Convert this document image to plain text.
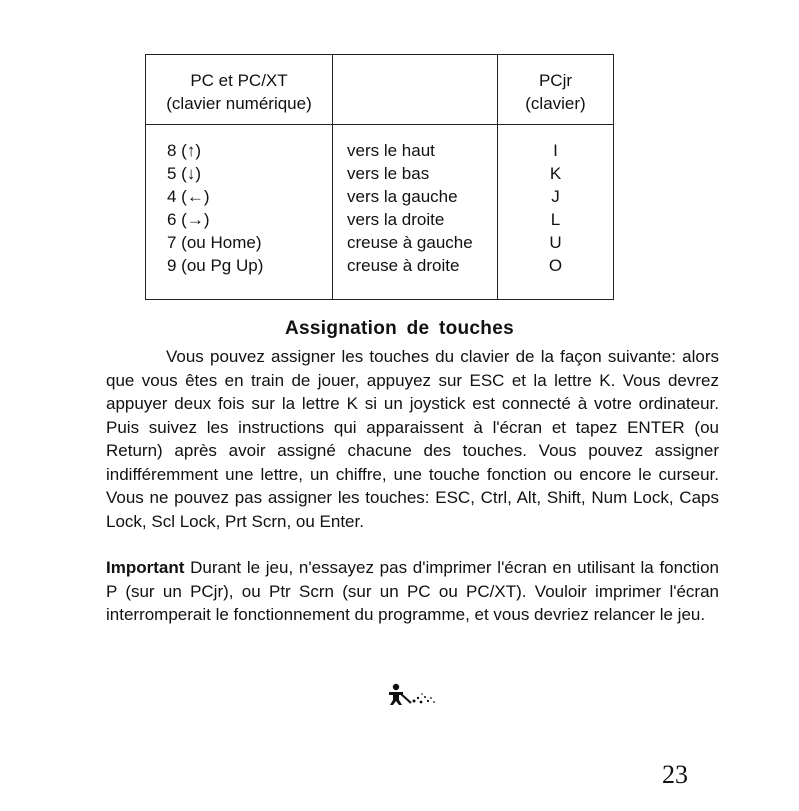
PC et PC/XT
(clavier numérique)
PCjr
(clavier)
8 (↑)
5 (↓)
4 (←)
6 (→)
7 (ou Home)
9 (ou Pg Up)
vers le haut
vers le bas
vers la gauche
vers la droite
creuse à gauche
creuse à droite
I
K
J
L
U
O
Assignation de touches
Vous pouvez assigner les touches du clavier de la façon suivante: alors que vous êtes en train de jouer, appuyez sur ESC et la lettre K. Vous devrez appuyer deux fois sur la lettre K si un joystick est connecté à votre ordinateur. Puis suivez les instructions qui apparaissent à l'écran et tapez ENTER (ou Return) après avoir assigné chacune des touches. Vous pouvez assigner indifféremment une lettre, un chiffre, une touche fonction ou encore le curseur. Vous ne pouvez pas assigner les touches: ESC, Ctrl, Alt, Shift, Num Lock, Caps Lock, Scl Lock, Prt Scrn, ou Enter.
Important Durant le jeu, n'essayez pas d'imprimer l'écran en utilisant la fonction P (sur un PCjr), ou Ptr Scrn (sur un PC ou PC/XT). Vouloir imprimer l'écran interromperait le fonctionnement du programme, et vous devriez relancer le jeu.
23
